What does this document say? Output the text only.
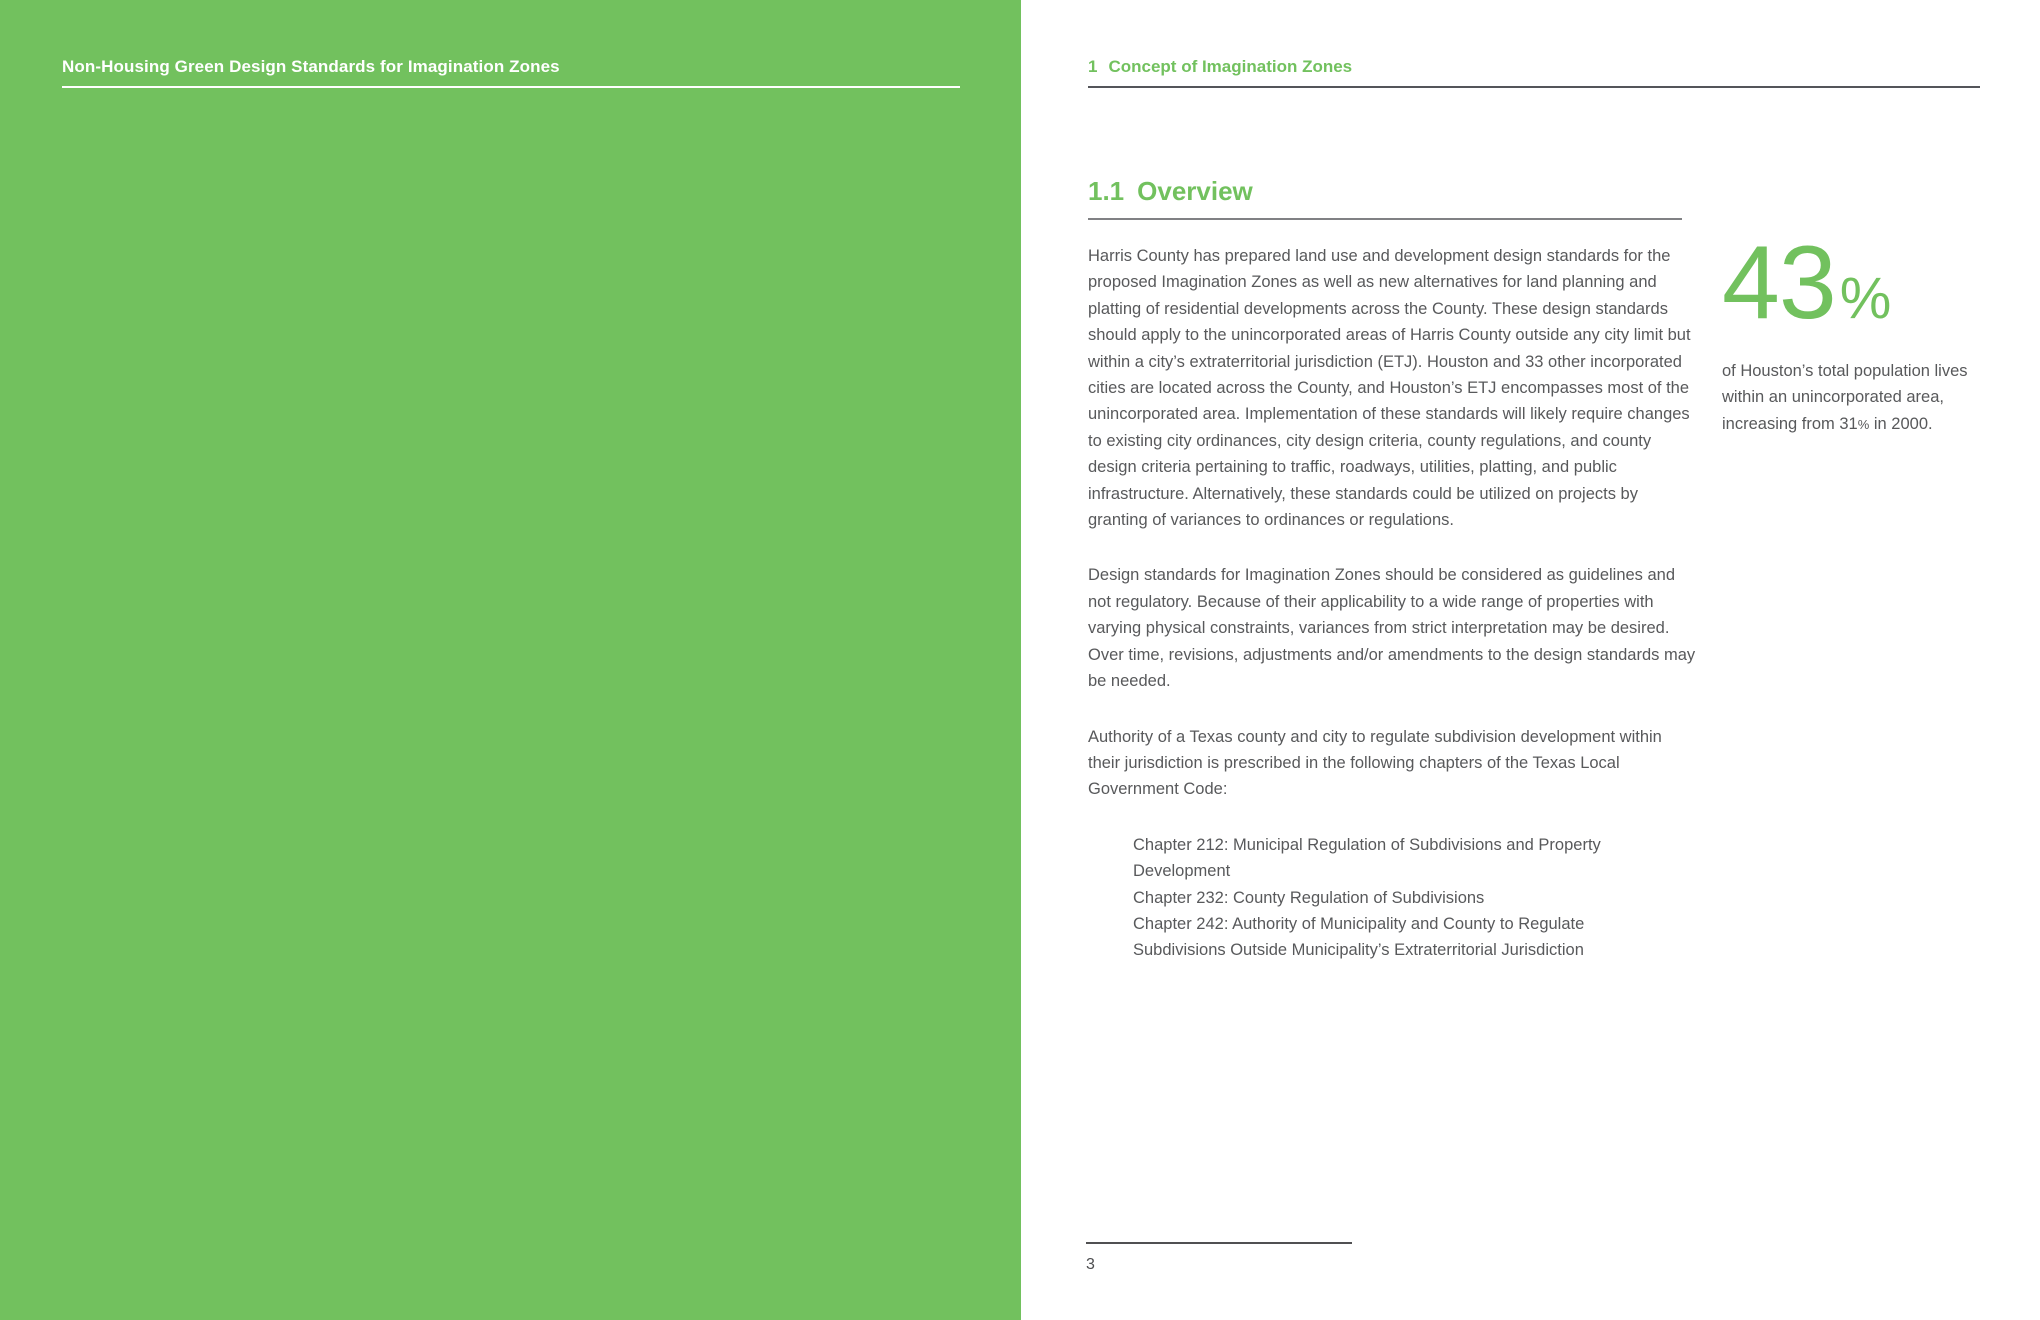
Non-Housing Green Design Standards for Imagination Zones	1 Concept of Imagination Zones
1.1 Overview

Harris County has prepared land use and development design standards for the proposed Imagination Zones as well as new alternatives for land planning and platting of residential developments across the County. These design standards should apply to the unincorporated areas of Harris County outside any city limit but within a city’s extraterritorial jurisdiction (ETJ). Houston and 33 other incorporated cities are located across the County, and Houston’s ETJ encompasses most of the unincorporated area. Implementation of these standards will likely require changes to existing city ordinances, city design criteria, county regulations, and county design criteria pertaining to traffic, roadways, utilities, platting, and public infrastructure. Alternatively, these standards could be utilized on projects by granting of variances to ordinances or regulations.

Design standards for Imagination Zones should be considered as guidelines and not regulatory. Because of their applicability to a wide range of properties with varying physical constraints, variances from strict interpretation may be desired. Over time, revisions, adjustments and/or amendments to the design standards may be needed.

Authority of a Texas county and city to regulate subdivision development within their jurisdiction is prescribed in the following chapters of the Texas Local Government Code:

Chapter 212: Municipal Regulation of Subdivisions and Property Development
Chapter 232: County Regulation of Subdivisions
Chapter 242: Authority of Municipality and County to Regulate Subdivisions Outside Municipality’s Extraterritorial Jurisdiction
43%
of Houston’s total population lives within an unincorporated area, increasing from 31% in 2000.
3
